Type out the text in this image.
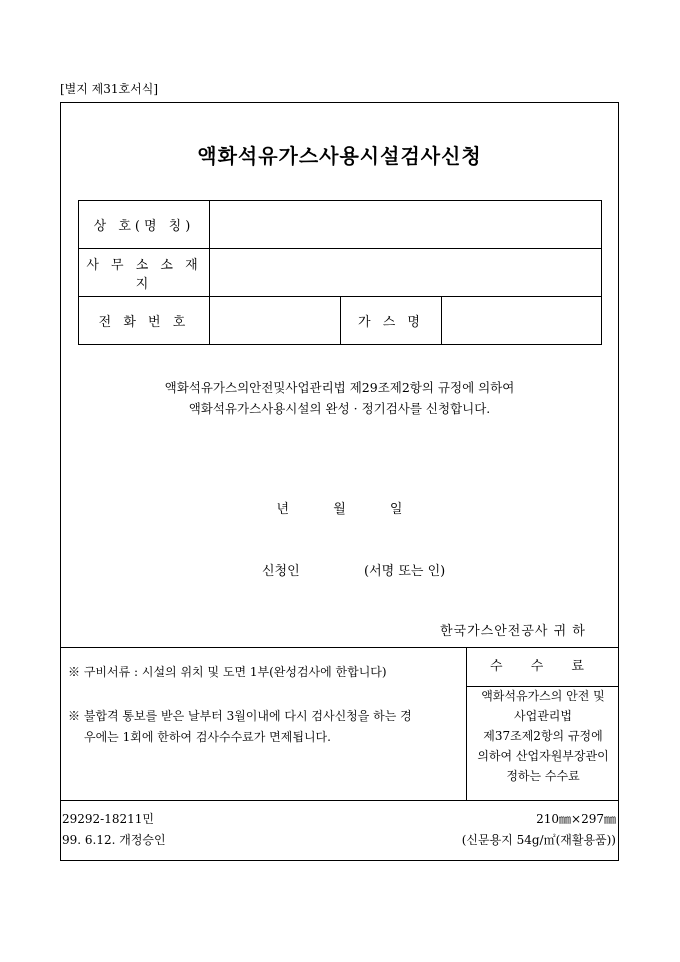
[별지 제31호서식]
액화석유가스사용시설검사신청
상 호(명 칭)			
사 무 소 소 재 지			
전 화 번 호		가 스 명	
액화석유가스의안전및사업관리법 제29조제2항의 규정에 의하여
액화석유가스사용시설의 완성 · 정기검사를 신청합니다.
년	월	일
신청인	(서명 또는 인)
한국가스안전공사 귀 하
※ 구비서류 : 시설의 위치 및 도면 1부(완성검사에 한합니다)
※ 불합격 통보를 받은 날부터 3월이내에 다시 검사신청을 하는 경
우에는 1회에 한하여 검사수수료가 면제됩니다.
수 수 료
액화석유가스의 안전 및
사업관리법
제37조제2항의 규정에
의하여 산업자원부장관이
정하는 수수료
29292-18211민
99. 6.12. 개정승인
210㎜×297㎜
(신문용지 54g/㎡(재활용품))
